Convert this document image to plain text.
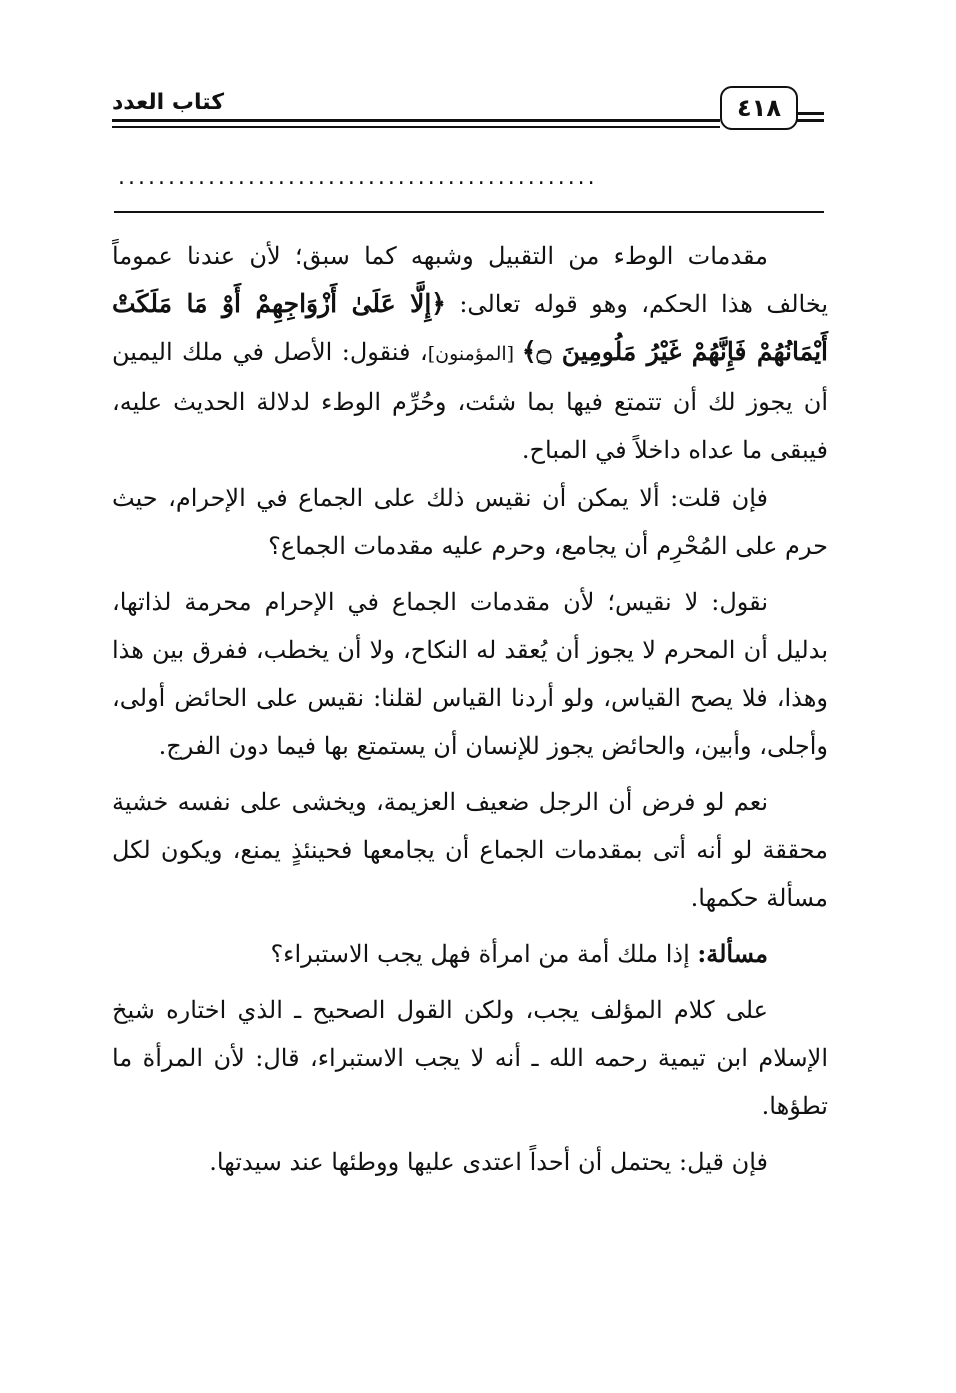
كتاب العدد	٤١٨
................................................

مقدمات الوطء من التقبيل وشبهه كما سبق؛ لأن عندنا عموماً يخالف هذا الحكم، وهو قوله تعالى: ﴿إِلَّا عَلَىٰ أَزْوَاجِهِمْ أَوْ مَا مَلَكَتْ أَيْمَانُهُمْ فَإِنَّهُمْ غَيْرُ مَلُومِينَ ۝﴾ [المؤمنون]، فنقول: الأصل في ملك اليمين أن يجوز لك أن تتمتع فيها بما شئت، وحُرِّم الوطء لدلالة الحديث عليه، فيبقى ما عداه داخلاً في المباح.

فإن قلت: ألا يمكن أن نقيس ذلك على الجماع في الإحرام، حيث حرم على المُحْرِم أن يجامع، وحرم عليه مقدمات الجماع؟

نقول: لا نقيس؛ لأن مقدمات الجماع في الإحرام محرمة لذاتها، بدليل أن المحرم لا يجوز أن يُعقد له النكاح، ولا أن يخطب، ففرق بين هذا وهذا، فلا يصح القياس، ولو أردنا القياس لقلنا: نقيس على الحائض أولى، وأجلى، وأبين، والحائض يجوز للإنسان أن يستمتع بها فيما دون الفرج.

نعم لو فرض أن الرجل ضعيف العزيمة، ويخشى على نفسه خشية محققة لو أنه أتى بمقدمات الجماع أن يجامعها فحينئذٍ يمنع، ويكون لكل مسألة حكمها.

مسألة: إذا ملك أمة من امرأة فهل يجب الاستبراء؟

على كلام المؤلف يجب، ولكن القول الصحيح ـ الذي اختاره شيخ الإسلام ابن تيمية رحمه الله ـ أنه لا يجب الاستبراء، قال: لأن المرأة ما تطؤها.

فإن قيل: يحتمل أن أحداً اعتدى عليها ووطئها عند سيدتها.
